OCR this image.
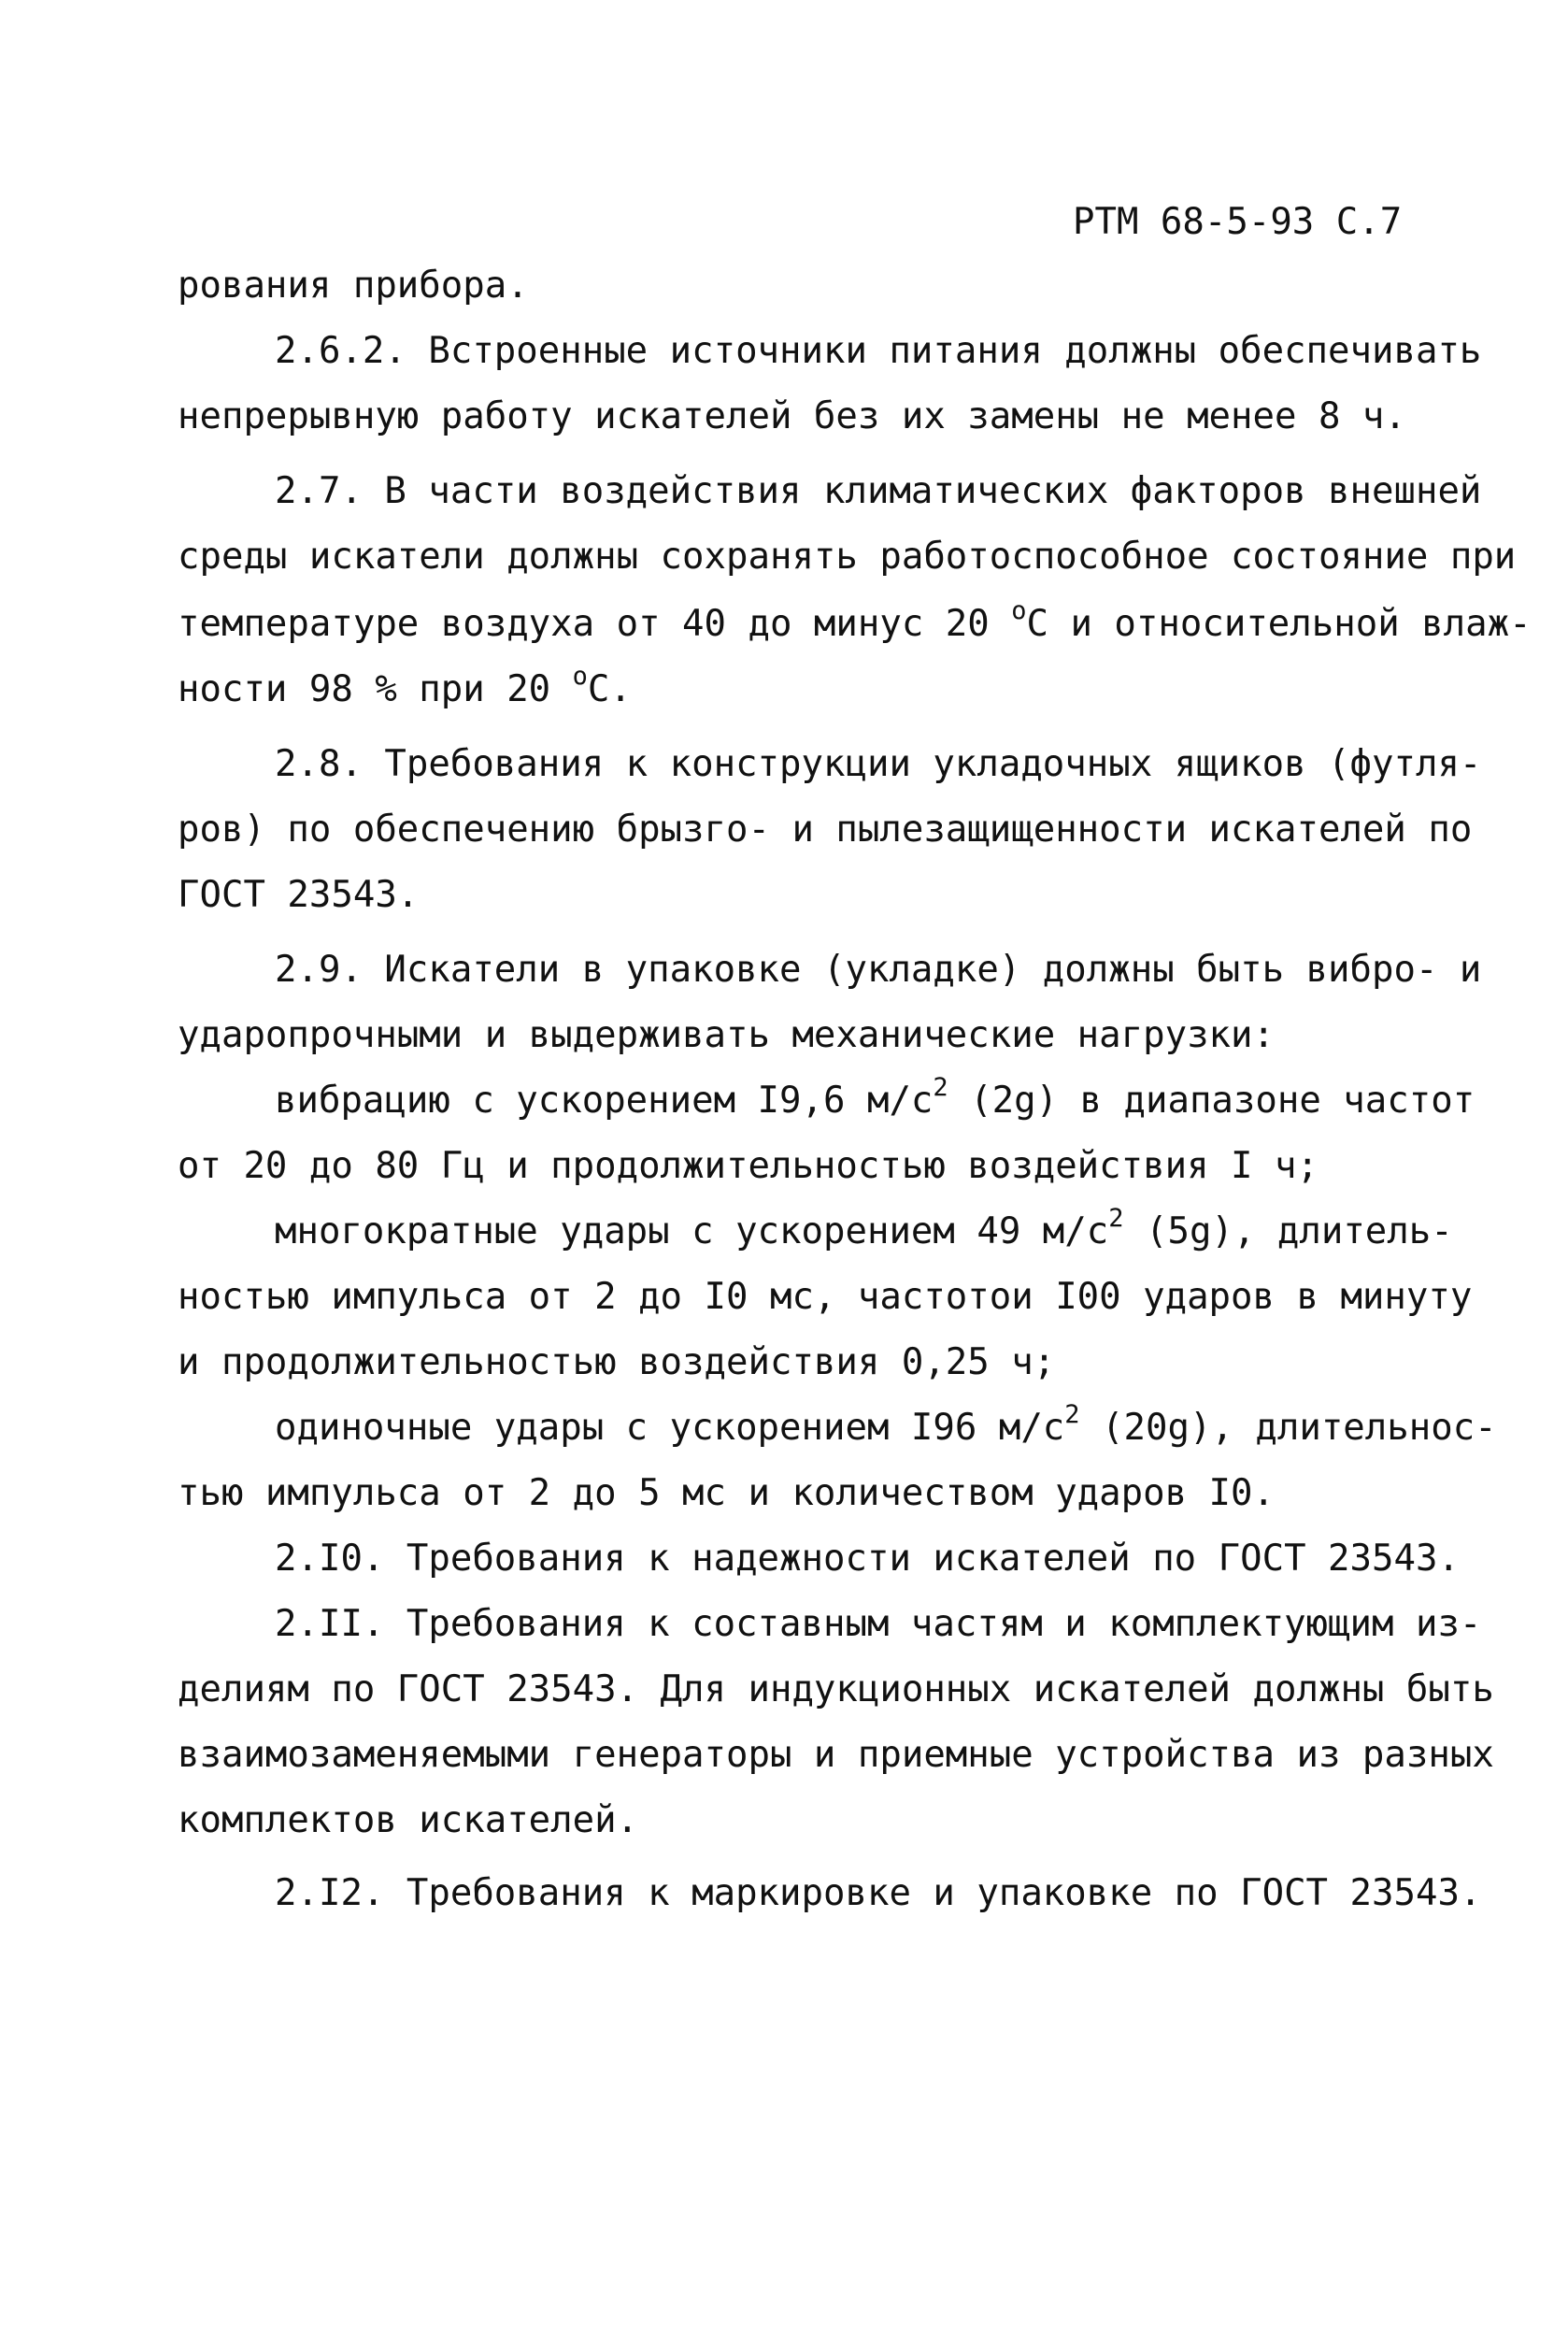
РТМ 68-5-93 С.7
рования прибора.
2.6.2. Встроенные источники питания должны обеспечивать
непрерывную работу искателей без их замены не менее 8 ч.
2.7. В части воздействия климатических факторов внешней
среды искатели должны сохранять работоспособное состояние при
температуре воздуха от 40 до минус 20 $^o$С и относительной влаж-
ности 98 % при 20 $^o$С.
2.8. Требования к конструкции укладочных ящиков (футля-
ров) по обеспечению брызго- и пылезащищенности искателей по
ГОСТ 23543.
2.9. Искатели в упаковке (укладке) должны быть вибро- и
ударопрочными и выдерживать механические нагрузки:
вибрацию с ускорением I9,6 $м/с^2$ (2g) в диапазоне частот
от 20 до 80 Гц и продолжительностью воздействия I ч;
многократные удары с ускорением 49 $м/с^2$ (5g), длитель-
ностью импульса от 2 до I0 мс, частотои I00 ударов в минуту
и продолжительностью воздействия 0,25 ч;
одиночные удары с ускорением I96 $м/с^2$ (20g), длительнос-
тью импульса от 2 до 5 мс и количеством ударов I0.
2.I0. Требования к надежности искателей по ГОСТ 23543.
2.II. Требования к составным частям и комплектующим из-
делиям по ГОСТ 23543. Для индукционных искателей должны быть
взаимозаменяемыми генераторы и приемные устройства из разных
комплектов искателей.
2.I2. Требования к маркировке и упаковке по ГОСТ 23543.
